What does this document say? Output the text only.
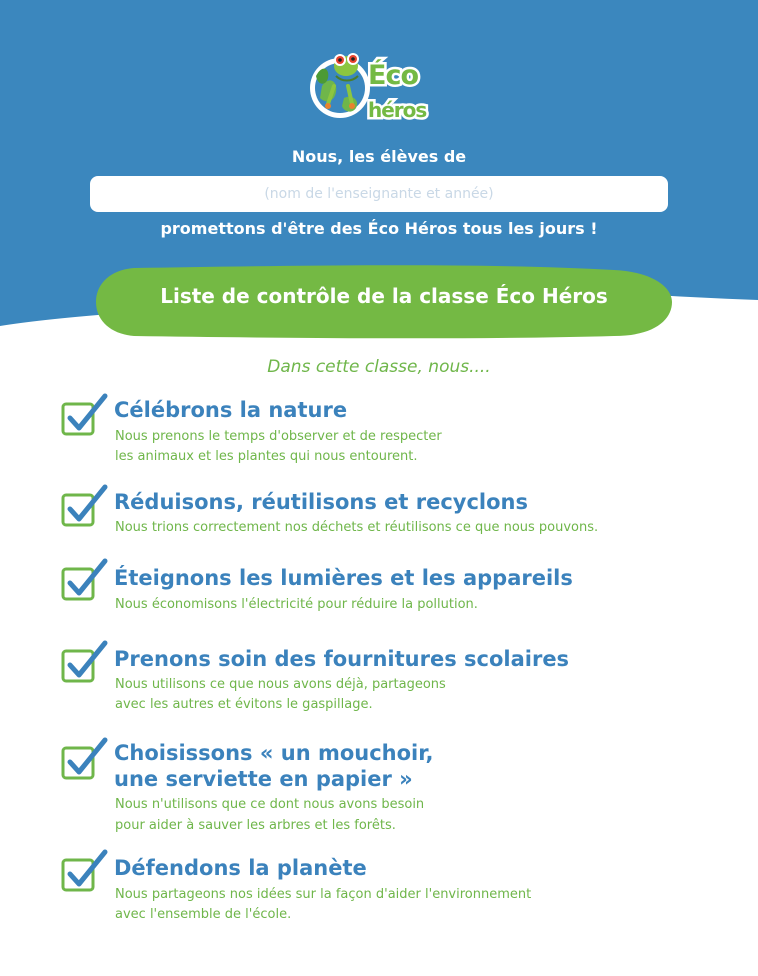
Éco
héros
Nous, les élèves de
(nom de l'enseignante et année)
promettons d'être des Éco Héros tous les jours !
Liste de contrôle de la classe Éco Héros
Dans cette classe, nous....
Célébrons la nature
Nous prenons le temps d'observer et de respecter
les animaux et les plantes qui nous entourent.
Réduisons, réutilisons et recyclons
Nous trions correctement nos déchets et réutilisons ce que nous pouvons.
Éteignons les lumières et les appareils
Nous économisons l'électricité pour réduire la pollution.
Prenons soin des fournitures scolaires
Nous utilisons ce que nous avons déjà, partageons
avec les autres et évitons le gaspillage.
Choisissons « un mouchoir,
une serviette en papier »
Nous n'utilisons que ce dont nous avons besoin
pour aider à sauver les arbres et les forêts.
Défendons la planète
Nous partageons nos idées sur la façon d'aider l'environnement
avec l'ensemble de l'école.
